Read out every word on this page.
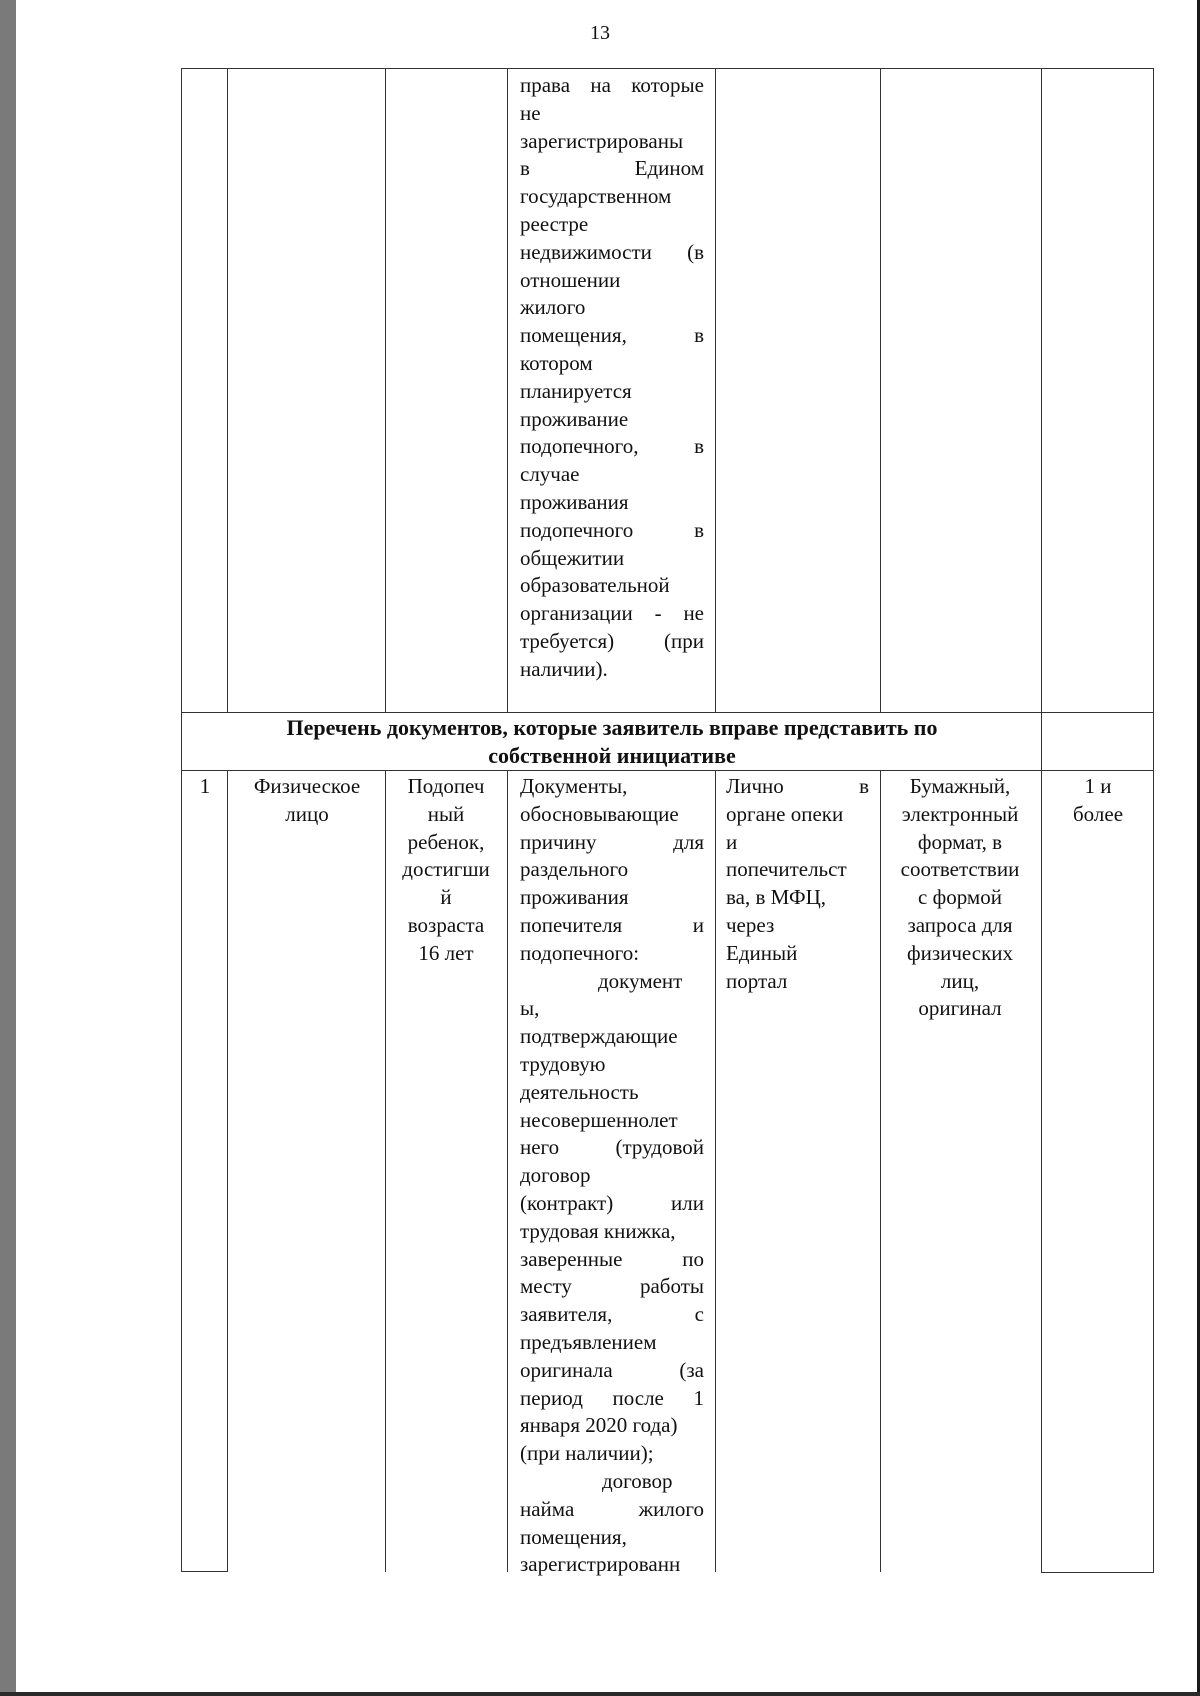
13
права на которые
не
зарегистрированы
в Едином
государственном
реестре
недвижимости (в
отношении
жилого
помещения, в
котором
планируется
проживание
подопечного, в
случае
проживания
подопечного в
общежитии
образовательной
организации - не
требуется) (при
наличии).
Перечень документов, которые заявитель вправе представить по
собственной инициативе
1	Физическое
лицо
Подопеч
ный
ребенок,
достигши
й
возраста
16 лет
Документы,
обосновывающие
причину для
раздельного
проживания
попечителя и
подопечного:
документ
ы,
подтверждающие
трудовую
деятельность
несовершеннолет
него (трудовой
договор
(контракт) или
трудовая книжка,
заверенные по
месту работы
заявителя, с
предъявлением
оригинала (за
период после 1
января 2020 года)
(при наличии);
договор
найма жилого
помещения,
зарегистрированн
Лично в
органе опеки
и
попечительст
ва, в МФЦ,
через
Единый
портал
Бумажный,
электронный
формат, в
соответствии
с формой
запроса для
физических
лиц,
оригинал
1 и
более
